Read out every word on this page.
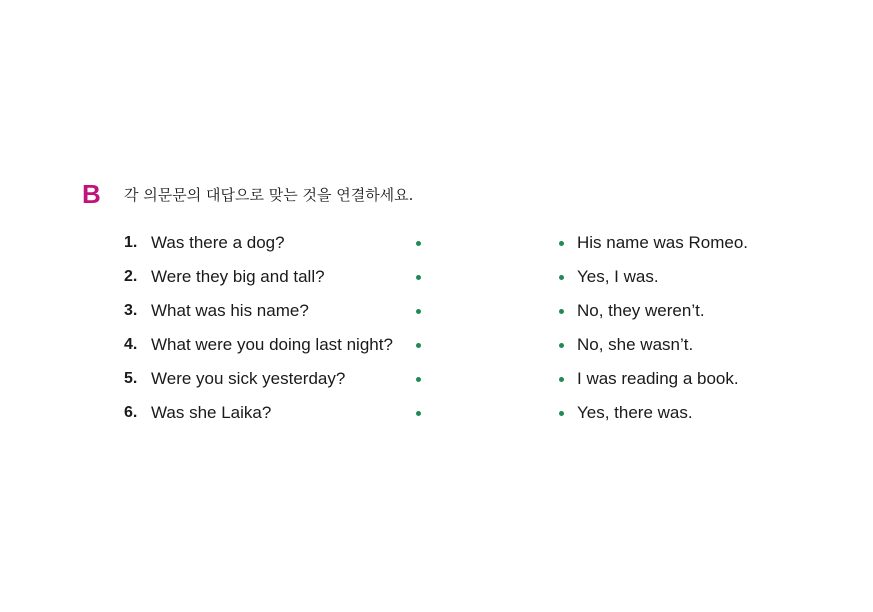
B 각 의문문의 대답으로 맞는 것을 연결하세요.
1. Was there a dog?
2. Were they big and tall?
3. What was his name?
4. What were you doing last night?
5. Were you sick yesterday?
6. Was she Laika?
His name was Romeo.
Yes, I was.
No, they weren’t.
No, she wasn’t.
I was reading a book.
Yes, there was.
